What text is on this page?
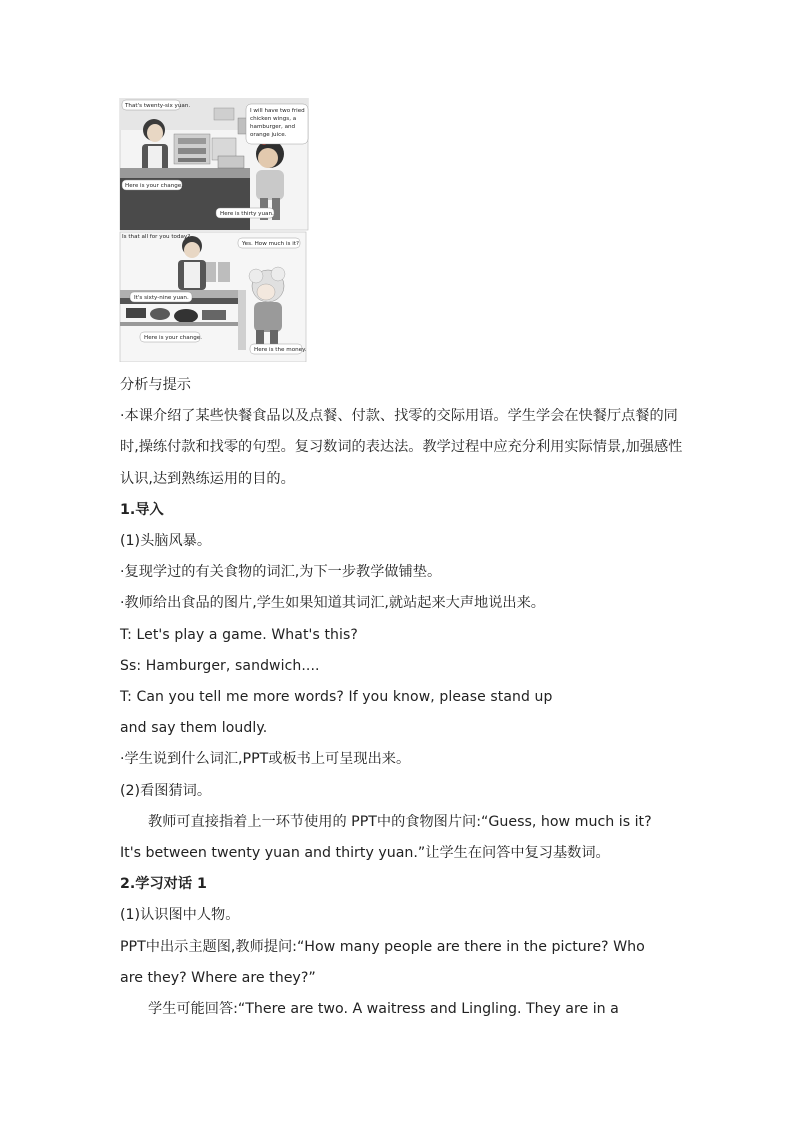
That's twenty-six yuan.
I will have two fried
chicken wings, a
hamburger, and
orange juice.
Here is your change.
Here is thirty yuan.
Is that all for you today?
Yes. How much is it?
It's sixty-nine yuan.
Here is your change.
Here is the money.

分析与提示

·本课介绍了某些快餐食品以及点餐、付款、找零的交际用语。学生学会在快餐厅点餐的同

时,操练付款和找零的句型。复习数词的表达法。教学过程中应充分利用实际情景,加强感性

认识,达到熟练运用的目的。

1.导入

(1)头脑风暴。

·复现学过的有关食物的词汇,为下一步教学做铺垫。

·教师给出食品的图片,学生如果知道其词汇,就站起来大声地说出来。

T: Let's play a game. What's this?

Ss: Hamburger, sandwich....

T: Can you tell me more words? If you know, please stand up

and say them loudly.

·学生说到什么词汇,PPT或板书上可呈现出来。

(2)看图猜词。

教师可直接指着上一环节使用的 PPT中的食物图片问:“Guess, how much is it?

It's between twenty yuan and thirty yuan.”让学生在问答中复习基数词。

2.学习对话 1

(1)认识图中人物。

PPT中出示主题图,教师提问:“How many people are there in the picture? Who

are they? Where are they?”

学生可能回答:“There are two. A waitress and Lingling. They are in a
